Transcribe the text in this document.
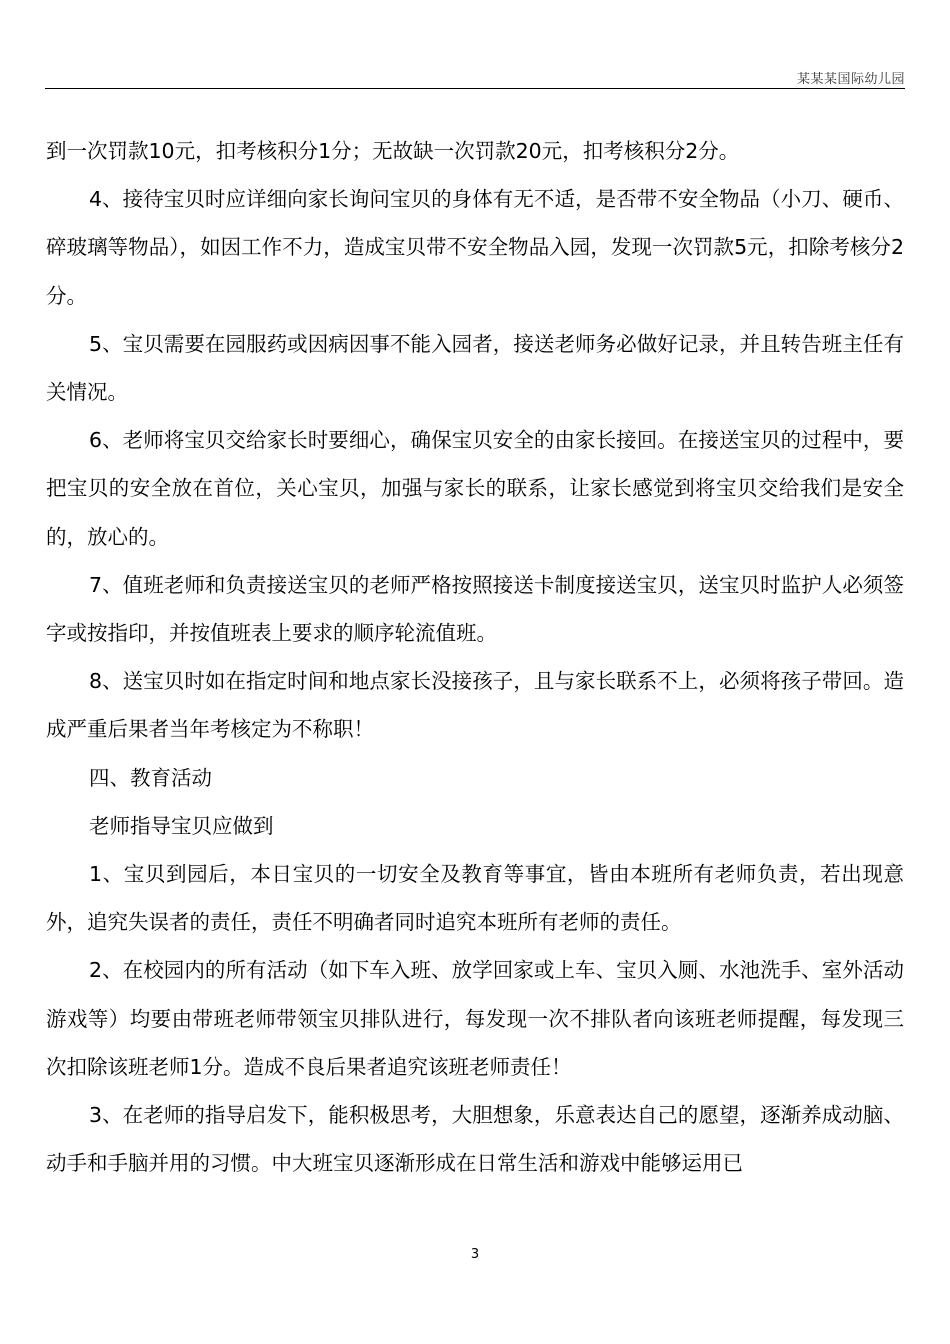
某某某国际幼儿园

到一次罚款10元，扣考核积分1分；无故缺一次罚款20元，扣考核积分2分。

4、接待宝贝时应详细向家长询问宝贝的身体有无不适，是否带不安全物品（小刀、硬币、碎玻璃等物品），如因工作不力，造成宝贝带不安全物品入园，发现一次罚款5元，扣除考核分2分。

5、宝贝需要在园服药或因病因事不能入园者，接送老师务必做好记录，并且转告班主任有关情况。

6、老师将宝贝交给家长时要细心，确保宝贝安全的由家长接回。在接送宝贝的过程中，要把宝贝的安全放在首位，关心宝贝，加强与家长的联系，让家长感觉到将宝贝交给我们是安全的，放心的。

7、值班老师和负责接送宝贝的老师严格按照接送卡制度接送宝贝，送宝贝时监护人必须签字或按指印，并按值班表上要求的顺序轮流值班。

8、送宝贝时如在指定时间和地点家长没接孩子，且与家长联系不上，必须将孩子带回。造成严重后果者当年考核定为不称职！

四、教育活动

老师指导宝贝应做到

1、宝贝到园后，本日宝贝的一切安全及教育等事宜，皆由本班所有老师负责，若出现意外，追究失误者的责任，责任不明确者同时追究本班所有老师的责任。

2、在校园内的所有活动（如下车入班、放学回家或上车、宝贝入厕、水池洗手、室外活动游戏等）均要由带班老师带领宝贝排队进行，每发现一次不排队者向该班老师提醒，每发现三次扣除该班老师1分。造成不良后果者追究该班老师责任！

3、在老师的指导启发下，能积极思考，大胆想象，乐意表达自己的愿望，逐渐养成动脑、动手和手脑并用的习惯。中大班宝贝逐渐形成在日常生活和游戏中能够运用已

3
